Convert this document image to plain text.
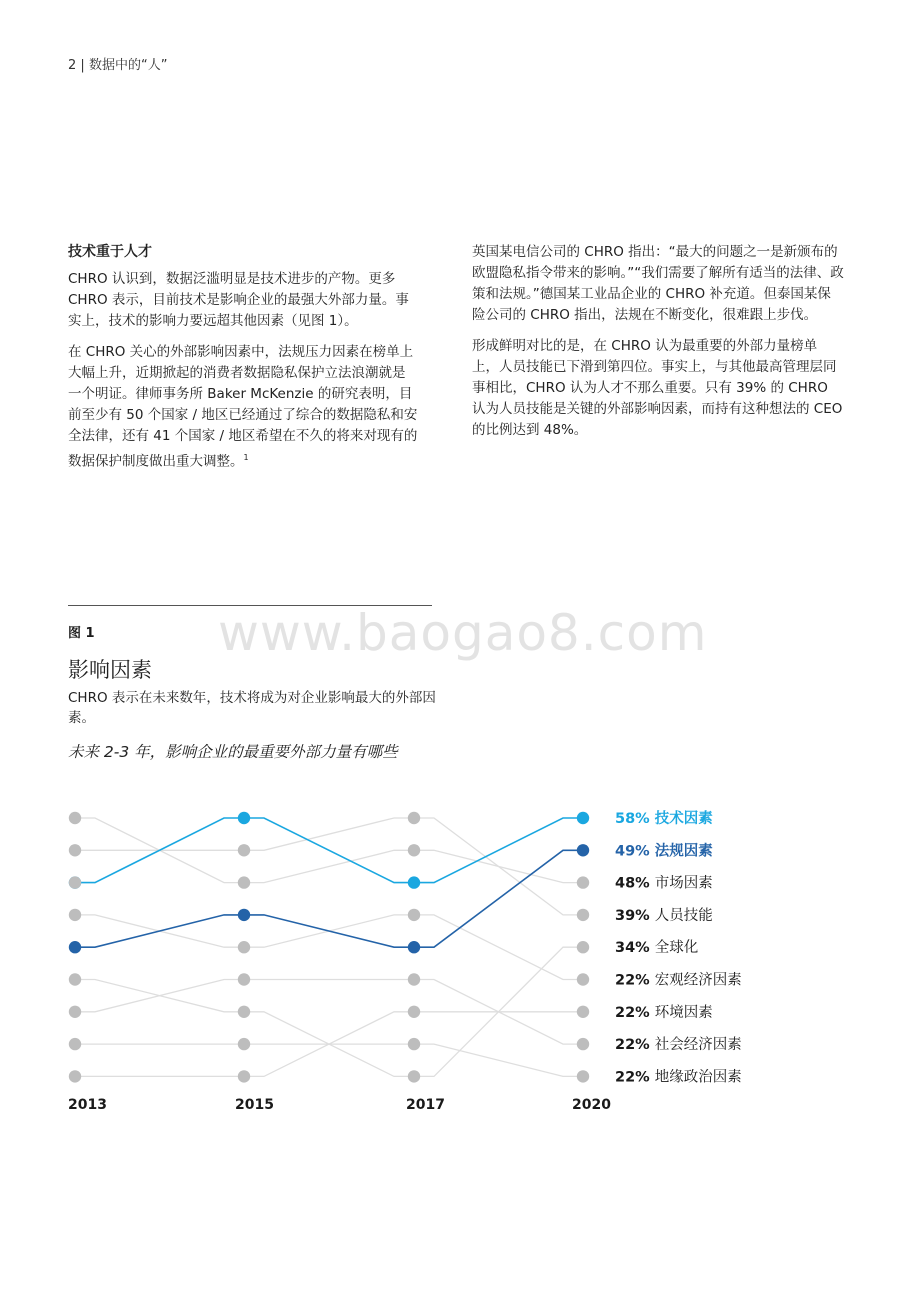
2 | 数据中的“人”
技术重于人才

CHRO 认识到，数据泛滥明显是技术进步的产物。更多 CHRO 表示，目前技术是影响企业的最强大外部力量。事实上，技术的影响力要远超其他因素（见图 1）。

在 CHRO 关心的外部影响因素中，法规压力因素在榜单上大幅上升，近期掀起的消费者数据隐私保护立法浪潮就是一个明证。律师事务所 Baker McKenzie 的研究表明，目前至少有 50 个国家 / 地区已经通过了综合的数据隐私和安全法律，还有 41 个国家 / 地区希望在不久的将来对现有的数据保护制度做出重大调整。$^1$

英国某电信公司的 CHRO 指出：“最大的问题之一是新颁布的欧盟隐私指令带来的影响。”“我们需要了解所有适当的法律、政策和法规。”德国某工业品企业的 CHRO 补充道。但泰国某保险公司的 CHRO 指出，法规在不断变化，很难跟上步伐。

形成鲜明对比的是，在 CHRO 认为最重要的外部力量榜单上，人员技能已下滑到第四位。事实上，与其他最高管理层同事相比，CHRO 认为人才不那么重要。只有 39% 的 CHRO 认为人员技能是关键的外部影响因素，而持有这种想法的 CEO 的比例达到 48%。

www.baogao8.com
图 1
影响因素
CHRO 表示在未来数年，技术将成为对企业影响最大的外部因素。
未来 2-3 年，影响企业的最重要外部力量有哪些
2013	2015	2017	2020
58% 技术因素
49% 法规因素
48% 市场因素
39% 人员技能
34% 全球化
22% 宏观经济因素
22% 环境因素
22% 社会经济因素
22% 地缘政治因素
